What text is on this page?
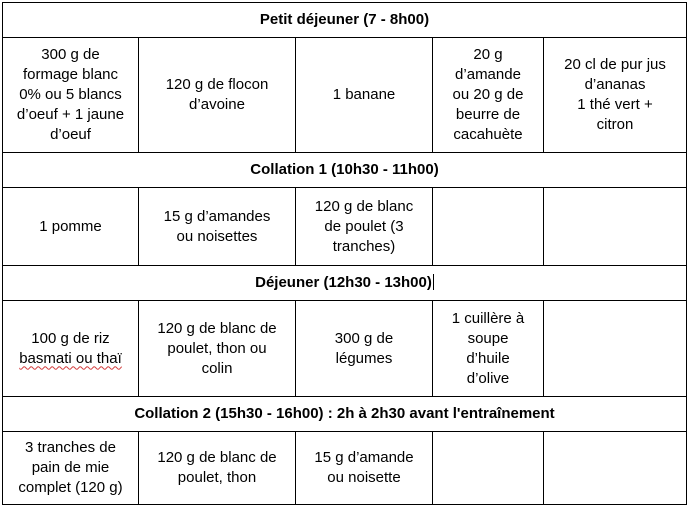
Petit déjeuner (7 - 8h00)				

300 g de
formage blanc
0% ou 5 blancs
d’oeuf + 1 jaune
d’oeuf	120 g de flocon
d’avoine	1 banane	20 g
d’amande
ou 20 g de
beurre de
cacahuète	20 cl de pur jus
d’ananas
1 thé vert +
citron

Collation 1 (10h30 - 11h00)				

1 pomme	15 g d’amandes
ou noisettes	120 g de blanc
de poulet (3
tranches)		

Déjeuner (12h30 - 13h00)				

100 g de riz
basmati ou thaï	120 g de blanc de
poulet, thon ou
colin	300 g de
légumes	1 cuillère à
soupe
d’huile
d’olive	

Collation 2 (15h30 - 16h00) : 2h à 2h30 avant l'entraînement				

3 tranches de
pain de mie
complet (120 g)	120 g de blanc de
poulet, thon	15 g d’amande
ou noisette		
